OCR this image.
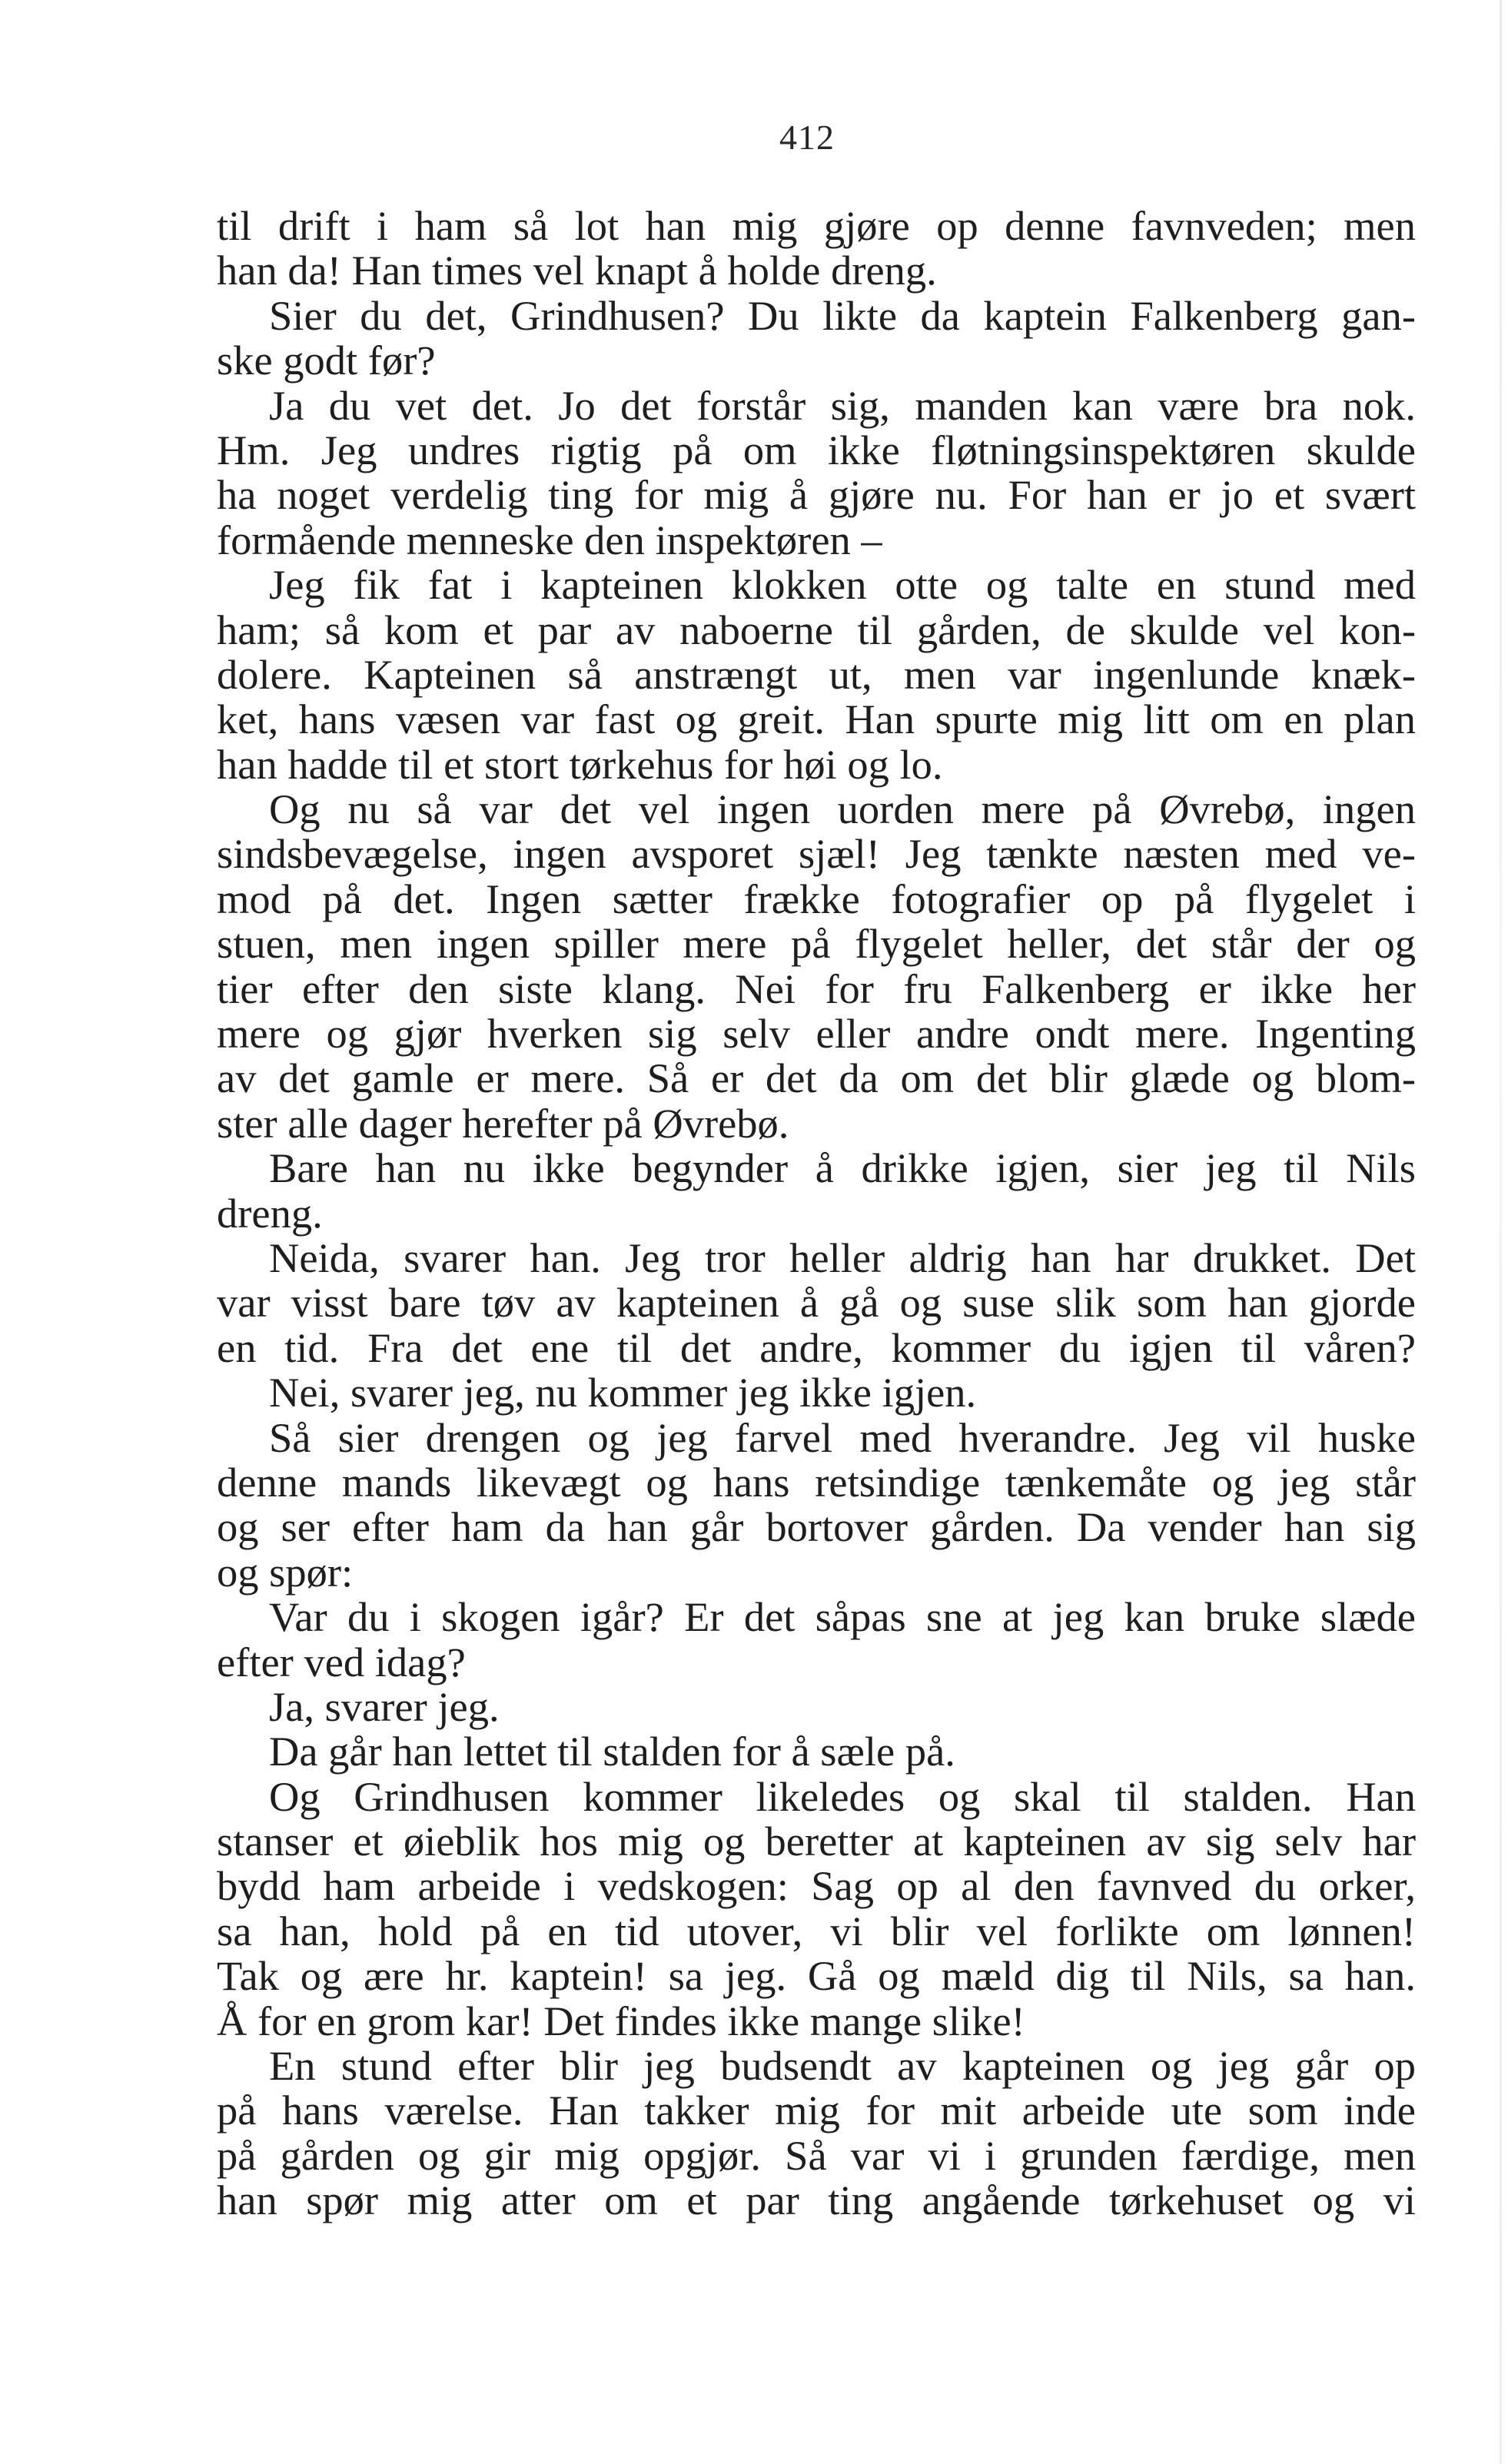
412
til drift i ham så lot han mig gjøre op denne favnveden; men
han da! Han times vel knapt å holde dreng.
Sier du det, Grindhusen? Du likte da kaptein Falkenberg gan-
ske godt før?
Ja du vet det. Jo det forstår sig, manden kan være bra nok.
Hm. Jeg undres rigtig på om ikke fløtningsinspektøren skulde
ha noget verdelig ting for mig å gjøre nu. For han er jo et svært
formående menneske den inspektøren –
Jeg fik fat i kapteinen klokken otte og talte en stund med
ham; så kom et par av naboerne til gården, de skulde vel kon-
dolere. Kapteinen så anstrængt ut, men var ingenlunde knæk-
ket, hans væsen var fast og greit. Han spurte mig litt om en plan
han hadde til et stort tørkehus for høi og lo.
Og nu så var det vel ingen uorden mere på Øvrebø, ingen
sindsbevægelse, ingen avsporet sjæl! Jeg tænkte næsten med ve-
mod på det. Ingen sætter frække fotografier op på flygelet i
stuen, men ingen spiller mere på flygelet heller, det står der og
tier efter den siste klang. Nei for fru Falkenberg er ikke her
mere og gjør hverken sig selv eller andre ondt mere. Ingenting
av det gamle er mere. Så er det da om det blir glæde og blom-
ster alle dager herefter på Øvrebø.
Bare han nu ikke begynder å drikke igjen, sier jeg til Nils
dreng.
Neida, svarer han. Jeg tror heller aldrig han har drukket. Det
var visst bare tøv av kapteinen å gå og suse slik som han gjorde
en tid. Fra det ene til det andre, kommer du igjen til våren?
Nei, svarer jeg, nu kommer jeg ikke igjen.
Så sier drengen og jeg farvel med hverandre. Jeg vil huske
denne mands likevægt og hans retsindige tænkemåte og jeg står
og ser efter ham da han går bortover gården. Da vender han sig
og spør:
Var du i skogen igår? Er det såpas sne at jeg kan bruke slæde
efter ved idag?
Ja, svarer jeg.
Da går han lettet til stalden for å sæle på.
Og Grindhusen kommer likeledes og skal til stalden. Han
stanser et øieblik hos mig og beretter at kapteinen av sig selv har
bydd ham arbeide i vedskogen: Sag op al den favnved du orker,
sa han, hold på en tid utover, vi blir vel forlikte om lønnen!
Tak og ære hr. kaptein! sa jeg. Gå og mæld dig til Nils, sa han.
Å for en grom kar! Det findes ikke mange slike!
En stund efter blir jeg budsendt av kapteinen og jeg går op
på hans værelse. Han takker mig for mit arbeide ute som inde
på gården og gir mig opgjør. Så var vi i grunden færdige, men
han spør mig atter om et par ting angående tørkehuset og vi
